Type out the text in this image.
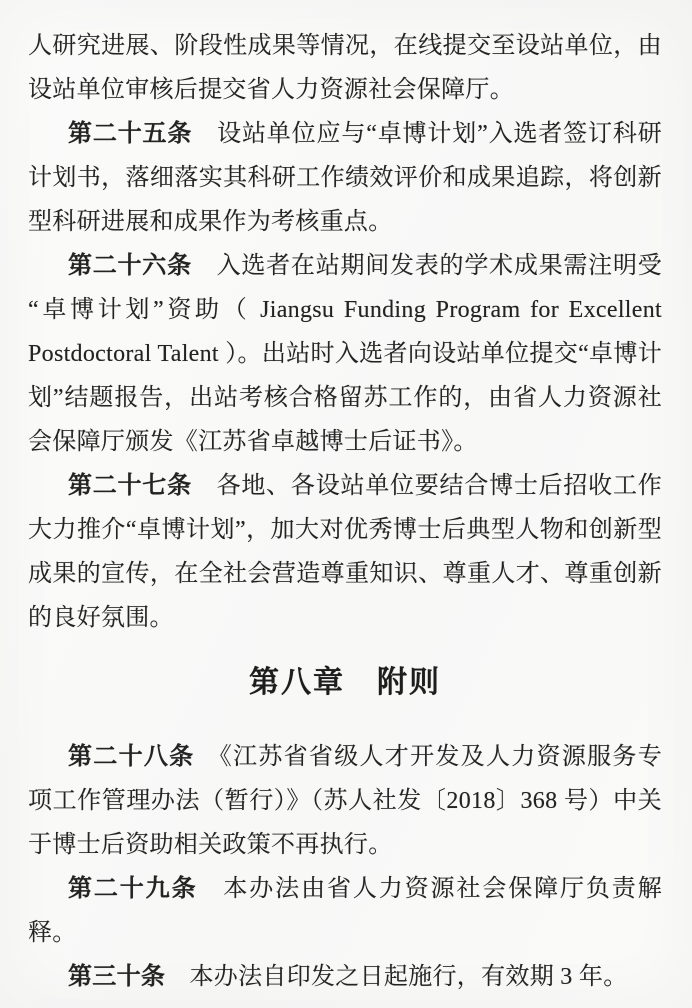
人研究进展、阶段性成果等情况，在线提交至设站单位，由设站单位审核后提交省人力资源社会保障厅。

第二十五条　设站单位应与“卓博计划”入选者签订科研计划书，落细落实其科研工作绩效评价和成果追踪，将创新型科研进展和成果作为考核重点。

第二十六条　入选者在站期间发表的学术成果需注明受“卓博计划”资助（ Jiangsu Funding Program for Excellent Postdoctoral Talent ）。出站时入选者向设站单位提交“卓博计划”结题报告，出站考核合格留苏工作的，由省人力资源社会保障厅颁发《江苏省卓越博士后证书》。

第二十七条　各地、各设站单位要结合博士后招收工作大力推介“卓博计划”，加大对优秀博士后典型人物和创新型成果的宣传，在全社会营造尊重知识、尊重人才、尊重创新的良好氛围。

第八章　附则

第二十八条　《江苏省省级人才开发及人力资源服务专项工作管理办法（暂行）》（苏人社发〔2018〕368 号）中关于博士后资助相关政策不再执行。

第二十九条　本办法由省人力资源社会保障厅负责解释。

第三十条　本办法自印发之日起施行，有效期 3 年。
